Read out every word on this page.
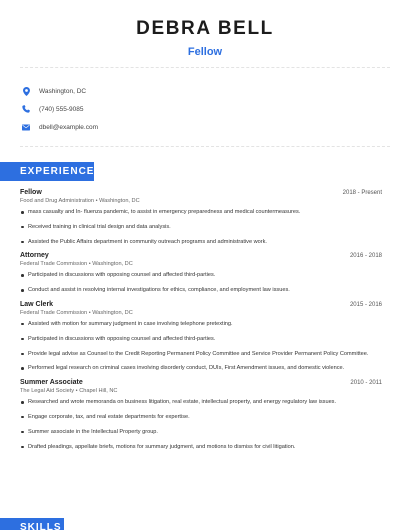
DEBRA BELL
Fellow
Washington, DC
(740) 555-9085
dbell@example.com
EXPERIENCE
Fellow	2018 - Present
Food and Drug Administration • Washington, DC
mass casualty and In- fluenza pandemic, to assist in emergency preparedness and medical countermeasures.
Received training in clinical trial design and data analysis.
Assisted the Public Affairs department in community outreach programs and administrative work.
Attorney	2016 - 2018
Federal Trade Commission • Washington, DC
Participated in discussions with opposing counsel and affected third-parties.
Conduct and assist in resolving internal investigations for ethics, compliance, and employment law issues.
Law Clerk	2015 - 2016
Federal Trade Commission • Washington, DC
Assisted with motion for summary judgment in case involving telephone pretexting.
Participated in discussions with opposing counsel and affected third-parties.
Provide legal advise as Counsel to the Credit Reporting Permanent Policy Committee and Service Provider Permanent Policy Committee.
Performed legal research on criminal cases involving disorderly conduct, DUIs, First Amendment issues, and domestic violence.
Summer Associate	2010 - 2011
The Legal Aid Society • Chapel Hill, NC
Researched and wrote memoranda on business litigation, real estate, intellectual property, and energy regulatory law issues.
Engage corporate, tax, and real estate departments for expertise.
Summer associate in the Intellectual Property group.
Drafted pleadings, appellate briefs, motions for summary judgment, and motions to dismiss for civil litigation.
SKILLS
